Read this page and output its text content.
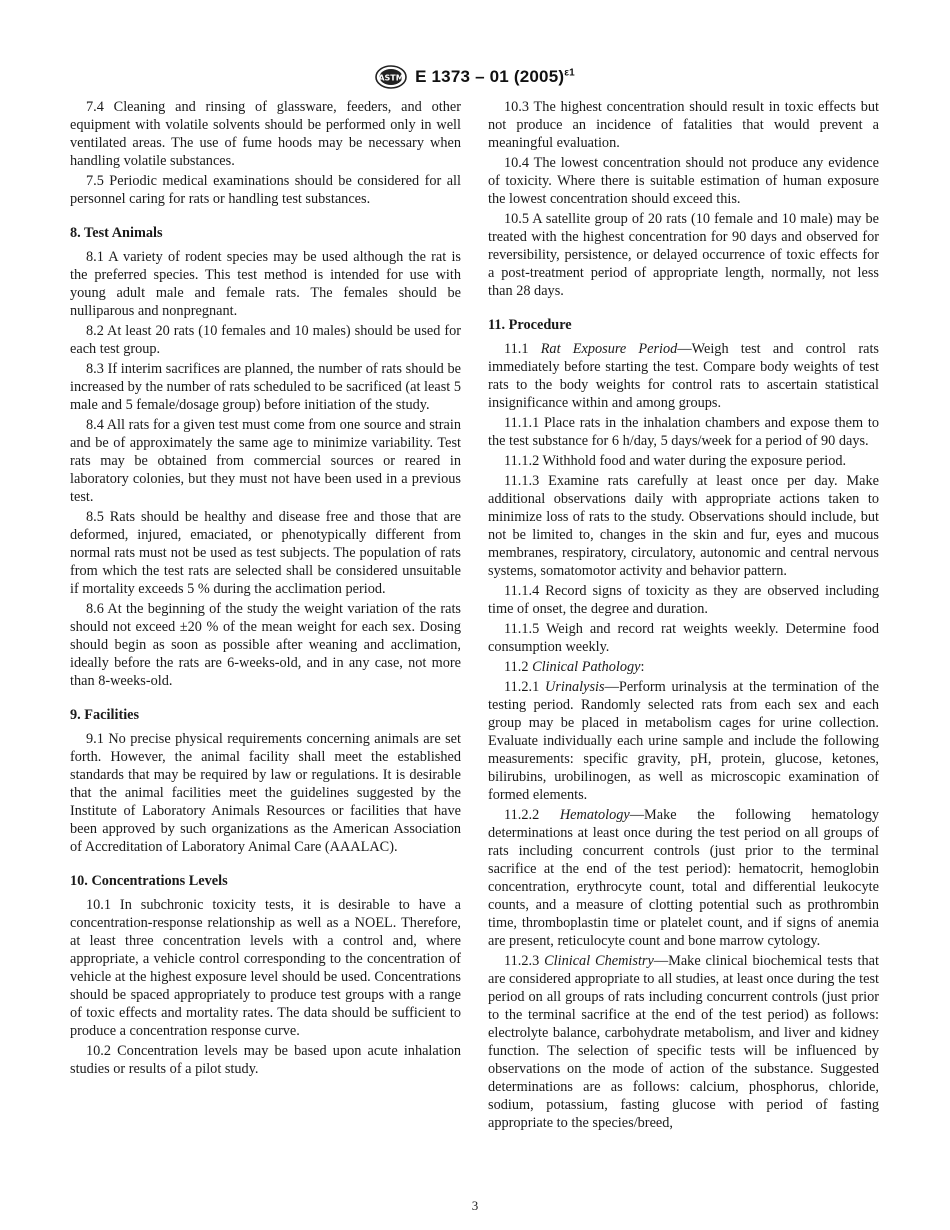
ASTM E 1373 – 01 $(2005)^{\varepsilon 1}$

7.4 Cleaning and rinsing of glassware, feeders, and other equipment with volatile solvents should be performed only in well ventilated areas. The use of fume hoods may be necessary when handling volatile substances.

7.5 Periodic medical examinations should be considered for all personnel caring for rats or handling test substances.

8. Test Animals

8.1 A variety of rodent species may be used although the rat is the preferred species. This test method is intended for use with young adult male and female rats. The females should be nulliparous and nonpregnant.

8.2 At least 20 rats (10 females and 10 males) should be used for each test group.

8.3 If interim sacrifices are planned, the number of rats should be increased by the number of rats scheduled to be sacrificed (at least 5 male and 5 female/dosage group) before initiation of the study.

8.4 All rats for a given test must come from one source and strain and be of approximately the same age to minimize variability. Test rats may be obtained from commercial sources or reared in laboratory colonies, but they must not have been used in a previous test.

8.5 Rats should be healthy and disease free and those that are deformed, injured, emaciated, or phenotypically different from normal rats must not be used as test subjects. The population of rats from which the test rats are selected shall be considered unsuitable if mortality exceeds 5 % during the acclimation period.

8.6 At the beginning of the study the weight variation of the rats should not exceed ±20 % of the mean weight for each sex. Dosing should begin as soon as possible after weaning and acclimation, ideally before the rats are 6-weeks-old, and in any case, not more than 8-weeks-old.

9. Facilities

9.1 No precise physical requirements concerning animals are set forth. However, the animal facility shall meet the established standards that may be required by law or regulations. It is desirable that the animal facilities meet the guidelines suggested by the Institute of Laboratory Animals Resources or facilities that have been approved by such organizations as the American Association of Accreditation of Laboratory Animal Care (AAALAC).

10. Concentrations Levels

10.1 In subchronic toxicity tests, it is desirable to have a concentration-response relationship as well as a NOEL. Therefore, at least three concentration levels with a control and, where appropriate, a vehicle control corresponding to the concentration of vehicle at the highest exposure level should be used. Concentrations should be spaced appropriately to produce test groups with a range of toxic effects and mortality rates. The data should be sufficient to produce a concentration response curve.

10.2 Concentration levels may be based upon acute inhalation studies or results of a pilot study.

10.3 The highest concentration should result in toxic effects but not produce an incidence of fatalities that would prevent a meaningful evaluation.

10.4 The lowest concentration should not produce any evidence of toxicity. Where there is suitable estimation of human exposure the lowest concentration should exceed this.

10.5 A satellite group of 20 rats (10 female and 10 male) may be treated with the highest concentration for 90 days and observed for reversibility, persistence, or delayed occurrence of toxic effects for a post-treatment period of appropriate length, normally, not less than 28 days.

11. Procedure

11.1 Rat Exposure Period—Weigh test and control rats immediately before starting the test. Compare body weights of test rats to the body weights for control rats to ascertain statistical insignificance within and among groups.

11.1.1 Place rats in the inhalation chambers and expose them to the test substance for 6 h/day, 5 days/week for a period of 90 days.

11.1.2 Withhold food and water during the exposure period.

11.1.3 Examine rats carefully at least once per day. Make additional observations daily with appropriate actions taken to minimize loss of rats to the study. Observations should include, but not be limited to, changes in the skin and fur, eyes and mucous membranes, respiratory, circulatory, autonomic and central nervous systems, somatomotor activity and behavior pattern.

11.1.4 Record signs of toxicity as they are observed including time of onset, the degree and duration.

11.1.5 Weigh and record rat weights weekly. Determine food consumption weekly.

11.2 Clinical Pathology:

11.2.1 Urinalysis—Perform urinalysis at the termination of the testing period. Randomly selected rats from each sex and each group may be placed in metabolism cages for urine collection. Evaluate individually each urine sample and include the following measurements: specific gravity, pH, protein, glucose, ketones, bilirubins, urobilinogen, as well as microscopic examination of formed elements.

11.2.2 Hematology—Make the following hematology determinations at least once during the test period on all groups of rats including concurrent controls (just prior to the terminal sacrifice at the end of the test period): hematocrit, hemoglobin concentration, erythrocyte count, total and differential leukocyte counts, and a measure of clotting potential such as prothrombin time, thromboplastin time or platelet count, and if signs of anemia are present, reticulocyte count and bone marrow cytology.

11.2.3 Clinical Chemistry—Make clinical biochemical tests that are considered appropriate to all studies, at least once during the test period on all groups of rats including concurrent controls (just prior to the terminal sacrifice at the end of the test period) as follows: electrolyte balance, carbohydrate metabolism, and liver and kidney function. The selection of specific tests will be influenced by observations on the mode of action of the substance. Suggested determinations are as follows: calcium, phosphorus, chloride, sodium, potassium, fasting glucose with period of fasting appropriate to the species/breed,

3
